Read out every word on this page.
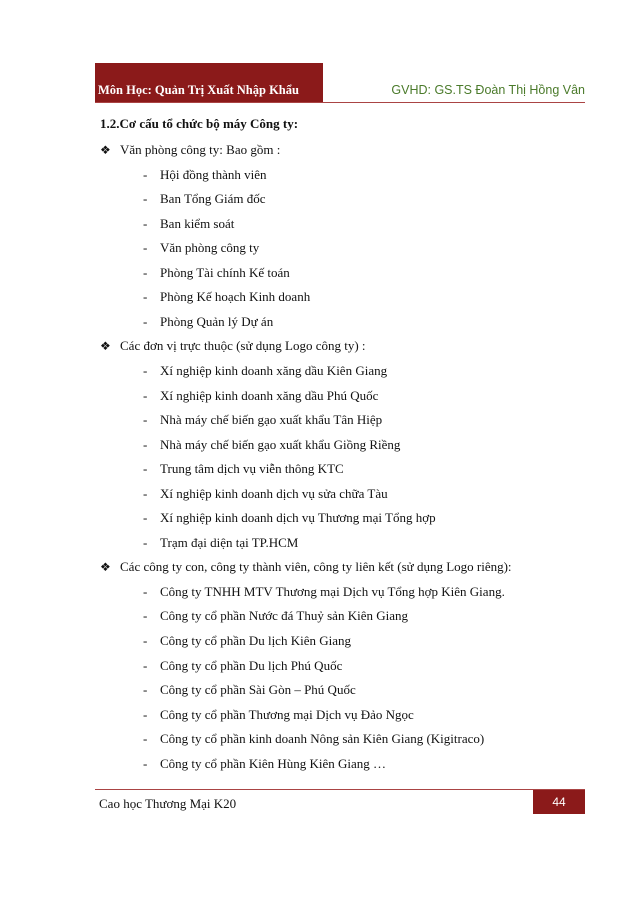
Môn Học: Quản Trị Xuất Nhập Khẩu	GVHD: GS.TS Đoàn Thị Hồng Vân
1.2.Cơ cấu tổ chức bộ máy Công ty:
❖ Văn phòng công ty: Bao gồm :
- Hội đồng thành viên
- Ban Tổng Giám đốc
- Ban kiểm soát
- Văn phòng công ty
- Phòng Tài chính Kế toán
- Phòng Kế hoạch Kinh doanh
- Phòng Quản lý Dự án
❖ Các đơn vị trực thuộc (sử dụng Logo công ty) :
- Xí nghiệp kinh doanh xăng dầu Kiên Giang
- Xí nghiệp kinh doanh xăng dầu Phú Quốc
- Nhà máy chế biến gạo xuất khẩu Tân Hiệp
- Nhà máy chế biến gạo xuất khẩu Giồng Riềng
- Trung tâm dịch vụ viễn thông KTC
- Xí nghiệp kinh doanh dịch vụ sửa chữa Tàu
- Xí nghiệp kinh doanh dịch vụ Thương mại Tổng hợp
- Trạm đại diện tại TP.HCM
❖ Các công ty con, công ty thành viên, công ty liên kết (sử dụng Logo riêng):
- Công ty TNHH MTV Thương mại Dịch vụ Tổng hợp Kiên Giang.
- Công ty cổ phần Nước đá Thuỷ sản Kiên Giang
- Công ty cổ phần Du lịch Kiên Giang
- Công ty cổ phần Du lịch Phú Quốc
- Công ty cổ phần Sài Gòn – Phú Quốc
- Công ty cổ phần Thương mại Dịch vụ Đảo Ngọc
- Công ty cổ phần kinh doanh Nông sản Kiên Giang (Kigitraco)
- Công ty cổ phần Kiên Hùng Kiên Giang …
Cao học Thương Mại K20	44
